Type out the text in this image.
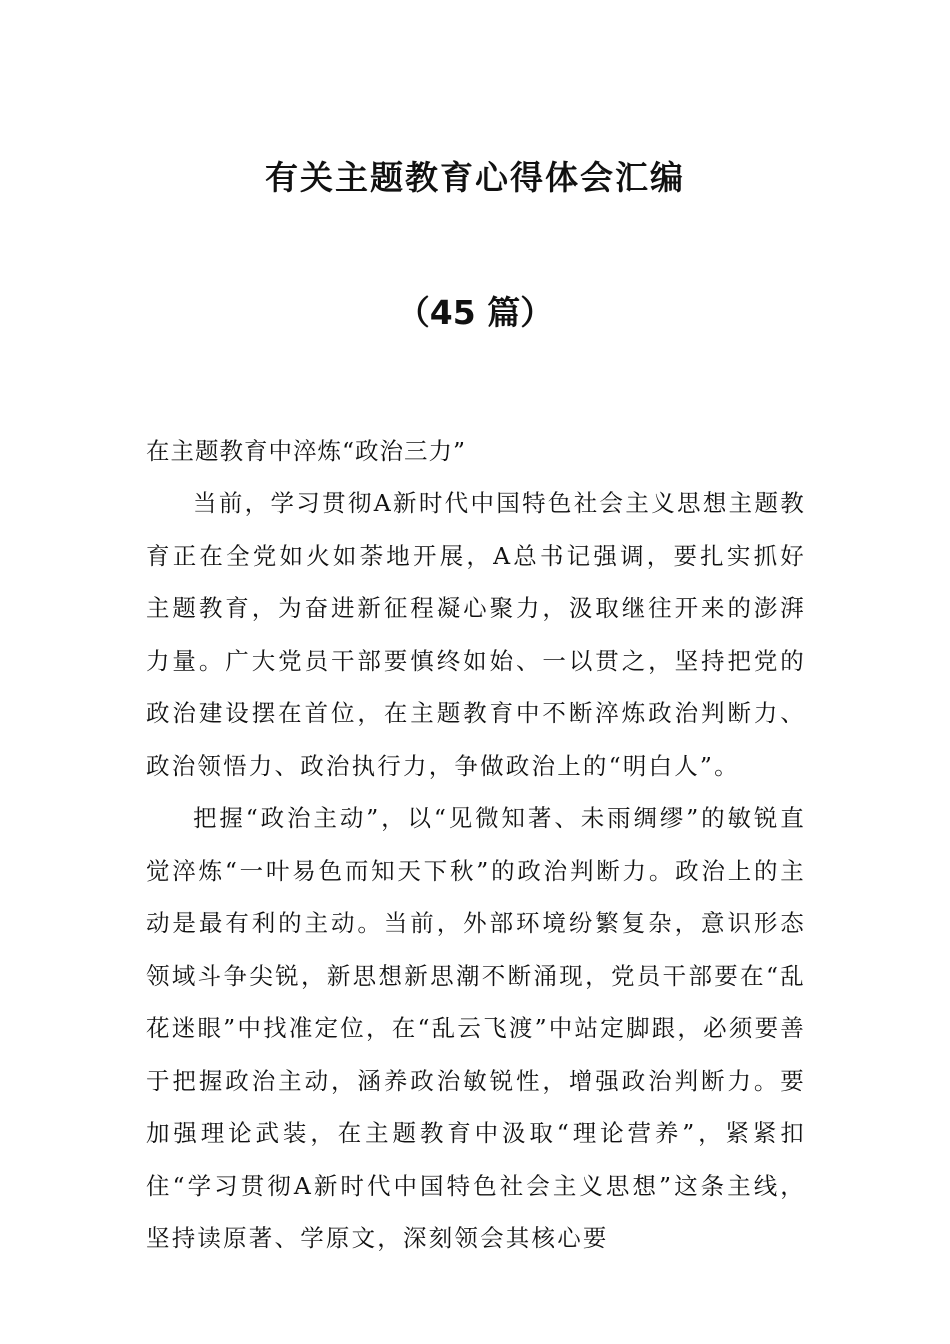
有关主题教育心得体会汇编
（45 篇）

在主题教育中淬炼“政治三力”

当前，学习贯彻A新时代中国特色社会主义思想主题教育正在全党如火如荼地开展，A总书记强调，要扎实抓好主题教育，为奋进新征程凝心聚力，汲取继往开来的澎湃力量。广大党员干部要慎终如始、一以贯之，坚持把党的政治建设摆在首位，在主题教育中不断淬炼政治判断力、政治领悟力、政治执行力，争做政治上的“明白人”。

把握“政治主动”，以“见微知著、未雨绸缪”的敏锐直觉淬炼“一叶易色而知天下秋”的政治判断力。政治上的主动是最有利的主动。当前，外部环境纷繁复杂，意识形态领域斗争尖锐，新思想新思潮不断涌现，党员干部要在“乱花迷眼”中找准定位，在“乱云飞渡”中站定脚跟，必须要善于把握政治主动，涵养政治敏锐性，增强政治判断力。要加强理论武装，在主题教育中汲取“理论营养”，紧紧扣住“学习贯彻A新时代中国特色社会主义思想”这条主线，坚持读原著、学原文，深刻领会其核心要
